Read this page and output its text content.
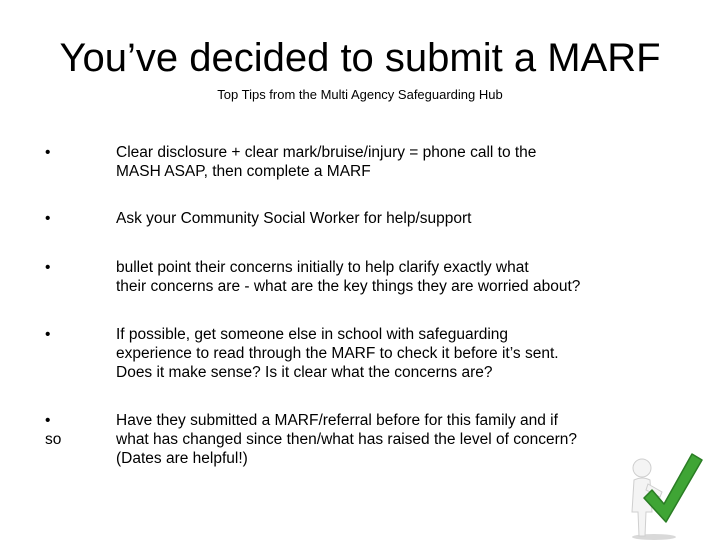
You’ve decided to submit a MARF
Top Tips from the Multi Agency Safeguarding Hub
•	Clear disclosure + clear mark/bruise/injury = phone call to the
MASH ASAP, then complete a MARF
•	Ask your Community Social Worker for help/support
•	bullet point their concerns initially to help clarify exactly what
their concerns are - what are the key things they are worried about?
•	If possible, get someone else in school with safeguarding
experience to read through the MARF to check it before it’s sent.
Does it make sense? Is it clear what the concerns are?
•
so
Have they submitted a MARF/referral before for this family and if
what has changed since then/what has raised the level of concern?
(Dates are helpful!)
